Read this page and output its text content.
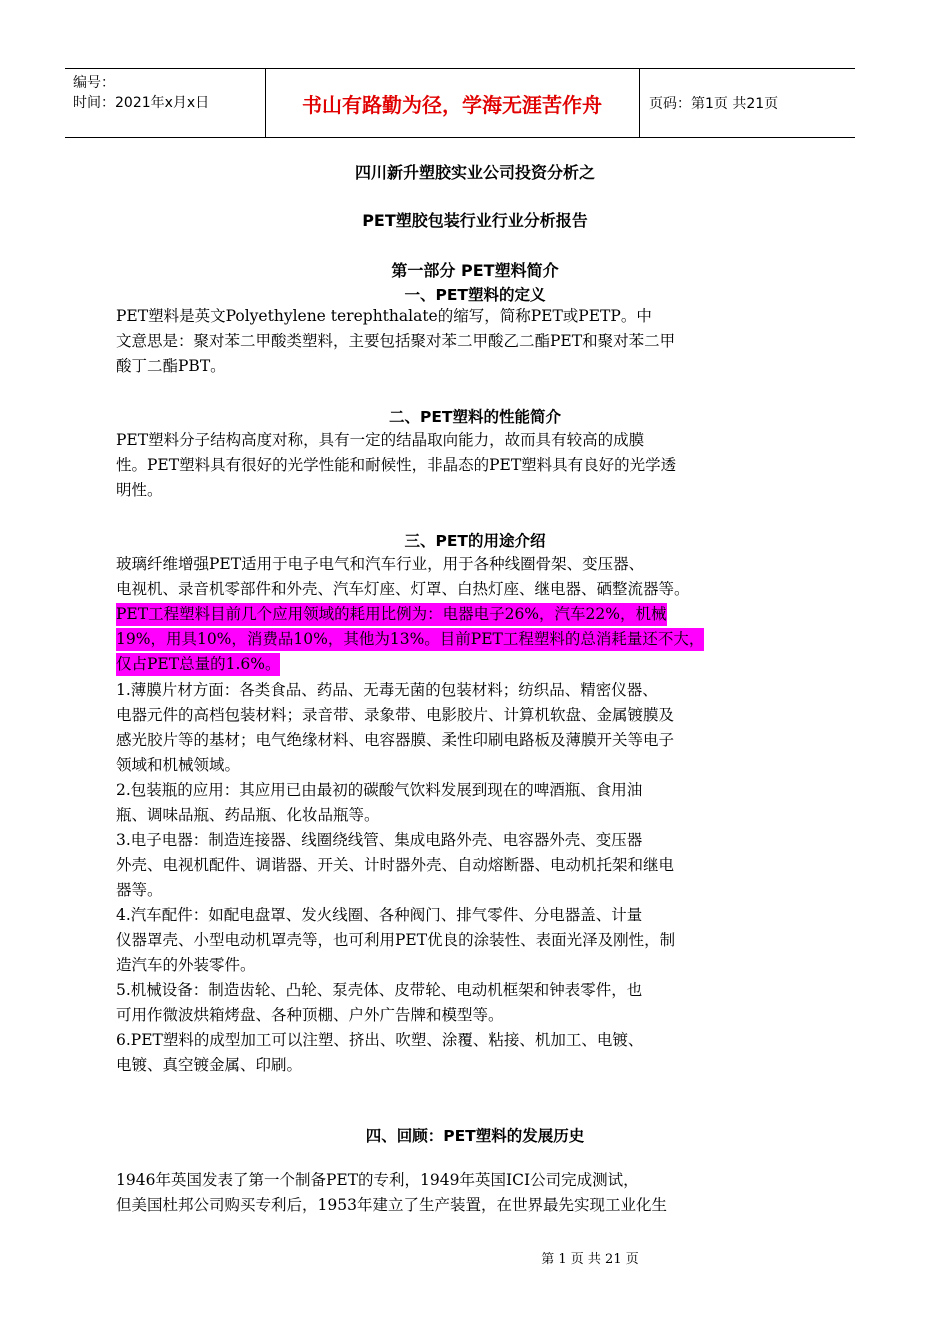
编号：
时间：2021年x月x日	书山有路勤为径，学海无涯苦作舟	页码：第1页 共21页
四川新升塑胶实业公司投资分析之
PET塑胶包装行业行业分析报告
第一部分 PET塑料简介
一、PET塑料的定义
PET塑料是英文Polyethylene terephthalate的缩写，简称PET或PETP。中
文意思是：聚对苯二甲酸类塑料，主要包括聚对苯二甲酸乙二酯PET和聚对苯二甲
酸丁二酯PBT。
二、PET塑料的性能简介
PET塑料分子结构高度对称，具有一定的结晶取向能力，故而具有较高的成膜
性。PET塑料具有很好的光学性能和耐候性，非晶态的PET塑料具有良好的光学透
明性。
三、PET的用途介绍
玻璃纤维增强PET适用于电子电气和汽车行业，用于各种线圈骨架、变压器、
电视机、录音机零部件和外壳、汽车灯座、灯罩、白热灯座、继电器、硒整流器等。
PET工程塑料目前几个应用领域的耗用比例为：电器电子26%，汽车22%，机械
19%，用具10%，消费品10%，其他为13%。目前PET工程塑料的总消耗量还不大，
仅占PET总量的1.6%。
1.薄膜片材方面：各类食品、药品、无毒无菌的包装材料；纺织品、精密仪器、
电器元件的高档包装材料；录音带、录象带、电影胶片、计算机软盘、金属镀膜及
感光胶片等的基材；电气绝缘材料、电容器膜、柔性印刷电路板及薄膜开关等电子
领域和机械领域。
2.包装瓶的应用：其应用已由最初的碳酸气饮料发展到现在的啤酒瓶、食用油
瓶、调味品瓶、药品瓶、化妆品瓶等。
3.电子电器：制造连接器、线圈绕线管、集成电路外壳、电容器外壳、变压器
外壳、电视机配件、调谐器、开关、计时器外壳、自动熔断器、电动机托架和继电
器等。
4.汽车配件：如配电盘罩、发火线圈、各种阀门、排气零件、分电器盖、计量
仪器罩壳、小型电动机罩壳等，也可利用PET优良的涂装性、表面光泽及刚性，制
造汽车的外装零件。
5.机械设备：制造齿轮、凸轮、泵壳体、皮带轮、电动机框架和钟表零件，也
可用作微波烘箱烤盘、各种顶棚、户外广告牌和模型等。
6.PET塑料的成型加工可以注塑、挤出、吹塑、涂覆、粘接、机加工、电镀、
电镀、真空镀金属、印刷。
四、回顾：PET塑料的发展历史
1946年英国发表了第一个制备PET的专利，1949年英国ICI公司完成测试，
但美国杜邦公司购买专利后，1953年建立了生产装置，在世界最先实现工业化生
第 1 页 共 21 页
